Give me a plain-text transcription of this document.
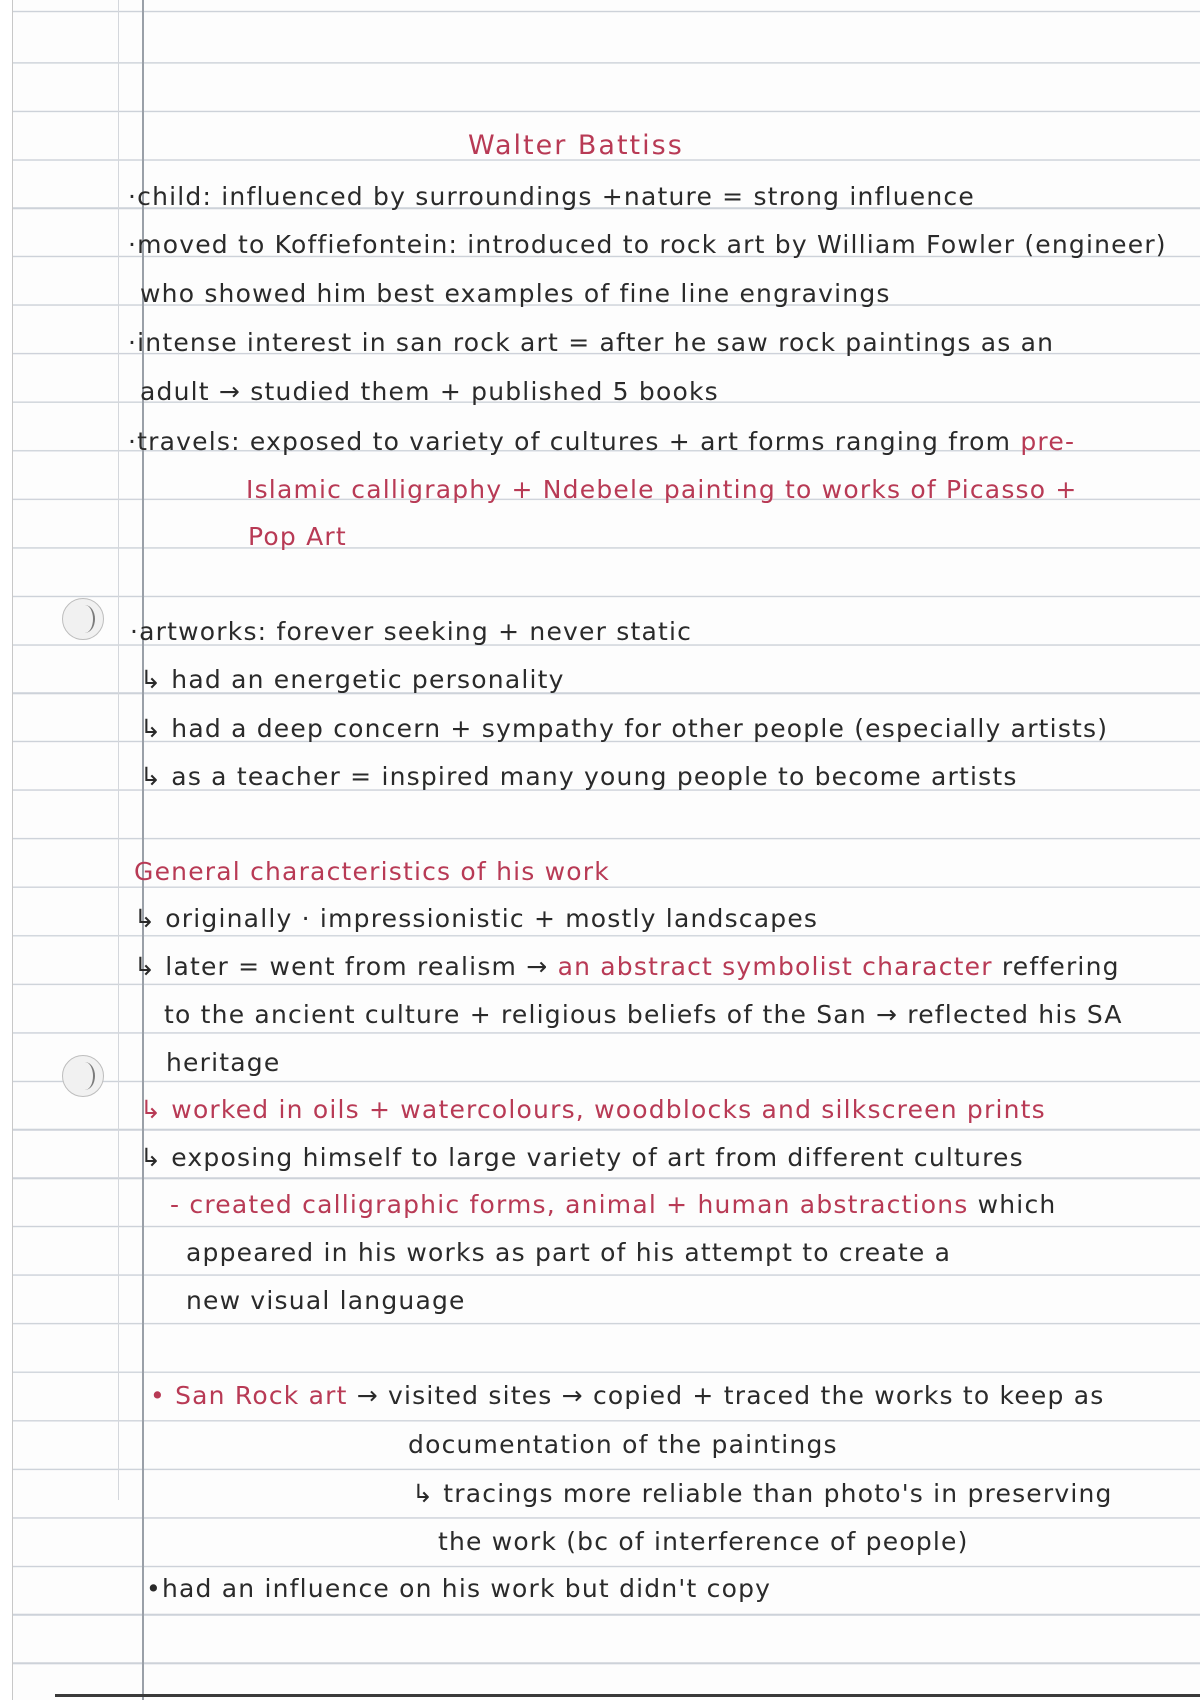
Walter Battiss
·child: influenced by surroundings +nature = strong influence
·moved to Koffiefontein: introduced to rock art by William Fowler (engineer)
who showed him best examples of fine line engravings
·intense interest in san rock art = after he saw rock paintings as an
adult → studied them + published 5 books
·travels: exposed to variety of cultures + art forms ranging from pre-
Islamic calligraphy + Ndebele painting to works of Picasso +
Pop Art
·artworks: forever seeking + never static
↳ had an energetic personality
↳ had a deep concern + sympathy for other people (especially artists)
↳ as a teacher = inspired many young people to become artists
General characteristics of his work
↳ originally · impressionistic + mostly landscapes
↳ later = went from realism → an abstract symbolist character reffering
to the ancient culture + religious beliefs of the San → reflected his SA
heritage
↳ worked in oils + watercolours, woodblocks and silkscreen prints
↳ exposing himself to large variety of art from different cultures
- created calligraphic forms, animal + human abstractions which
appeared in his works as part of his attempt to create a
new visual language
• San Rock art → visited sites → copied + traced the works to keep as
documentation of the paintings
↳ tracings more reliable than photo's in preserving
the work (bc of interference of people)
•had an influence on his work but didn't copy
